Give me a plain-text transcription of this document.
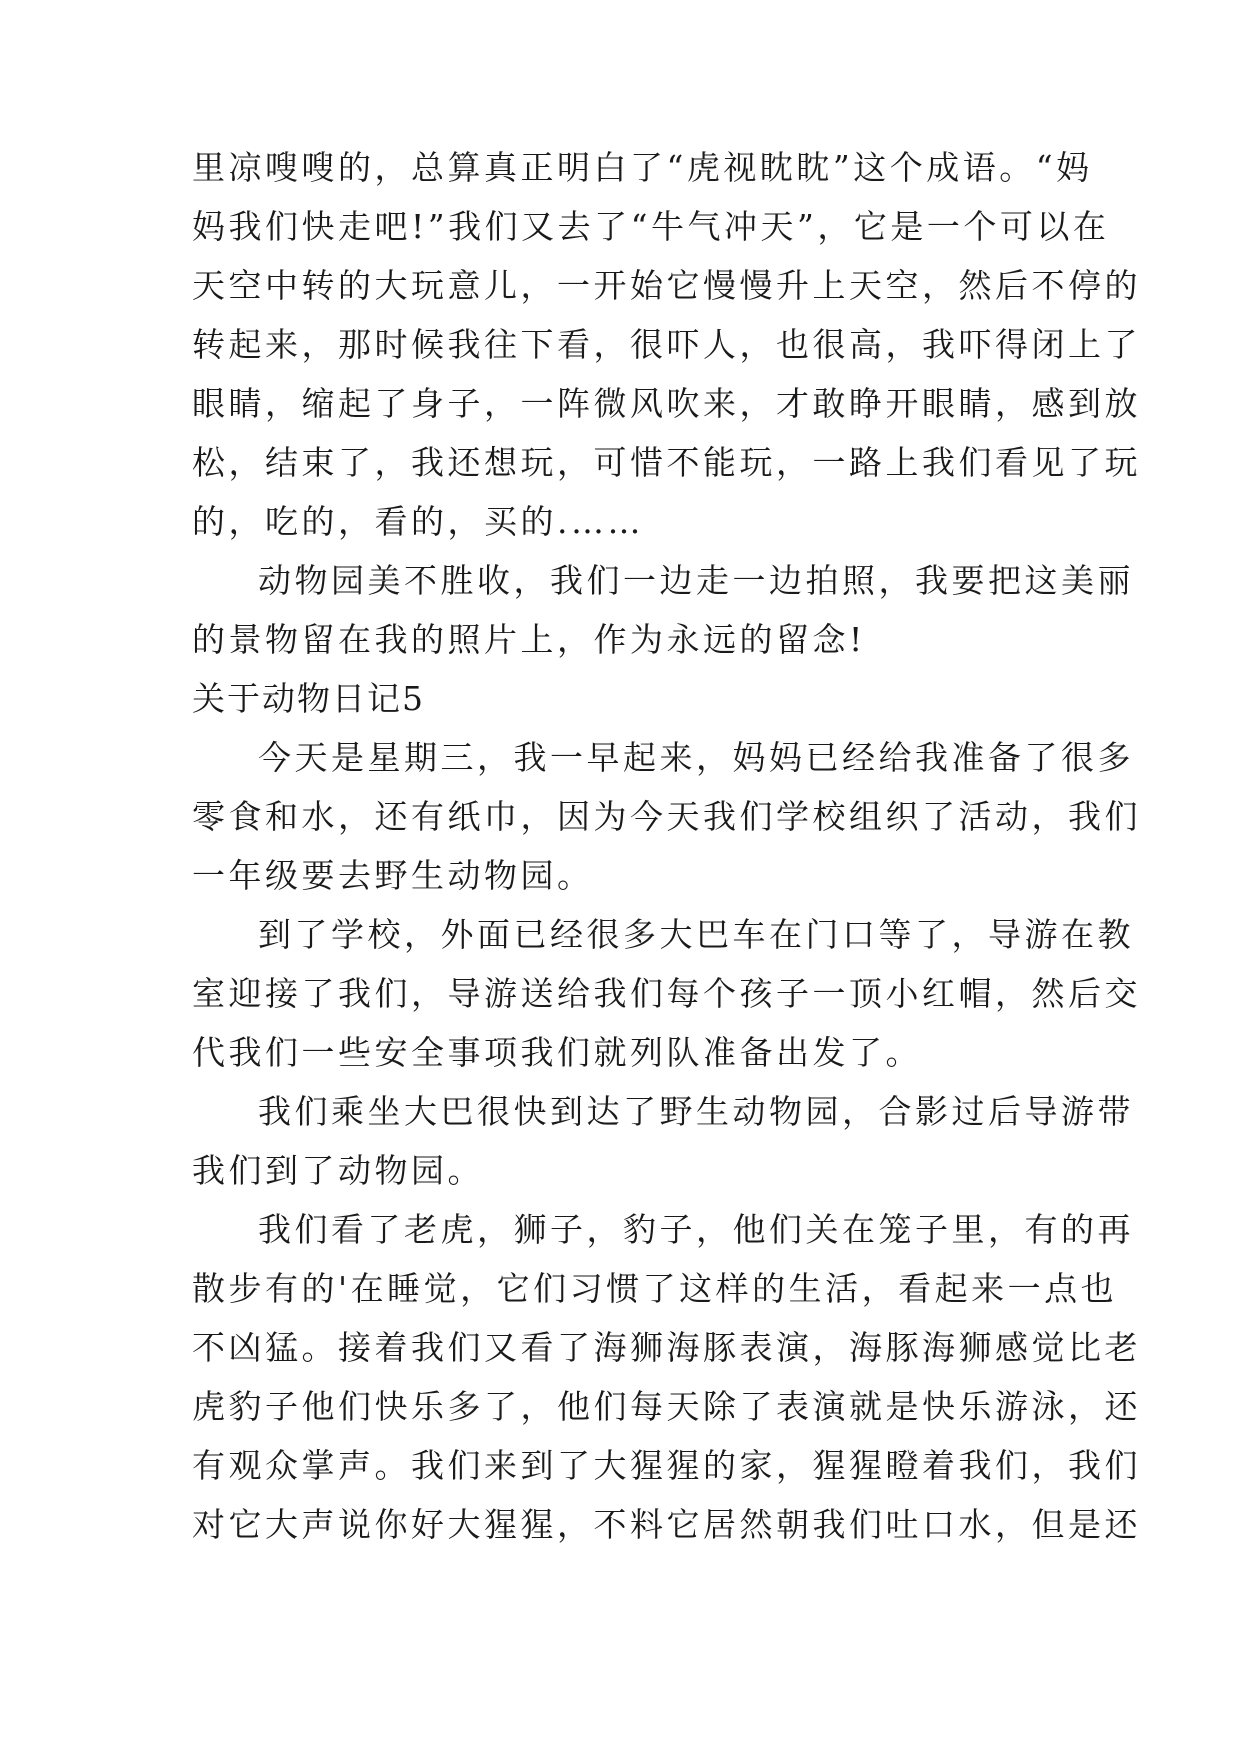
里凉嗖嗖的，总算真正明白了“虎视眈眈”这个成语。“妈
妈我们快走吧!”我们又去了“牛气冲天”，它是一个可以在
天空中转的大玩意儿，一开始它慢慢升上天空，然后不停的
转起来，那时候我往下看，很吓人，也很高，我吓得闭上了
眼睛，缩起了身子，一阵微风吹来，才敢睁开眼睛，感到放
松，结束了，我还想玩，可惜不能玩，一路上我们看见了玩
的，吃的，看的，买的.……
动物园美不胜收，我们一边走一边拍照，我要把这美丽
的景物留在我的照片上，作为永远的留念!
关于动物日记5
今天是星期三，我一早起来，妈妈已经给我准备了很多
零食和水，还有纸巾，因为今天我们学校组织了活动，我们
一年级要去野生动物园。
到了学校，外面已经很多大巴车在门口等了，导游在教
室迎接了我们，导游送给我们每个孩子一顶小红帽，然后交
代我们一些安全事项我们就列队准备出发了。
我们乘坐大巴很快到达了野生动物园，合影过后导游带
我们到了动物园。
我们看了老虎，狮子，豹子，他们关在笼子里，有的再
散步有的'在睡觉，它们习惯了这样的生活，看起来一点也
不凶猛。接着我们又看了海狮海豚表演，海豚海狮感觉比老
虎豹子他们快乐多了，他们每天除了表演就是快乐游泳，还
有观众掌声。我们来到了大猩猩的家，猩猩瞪着我们，我们
对它大声说你好大猩猩，不料它居然朝我们吐口水，但是还
